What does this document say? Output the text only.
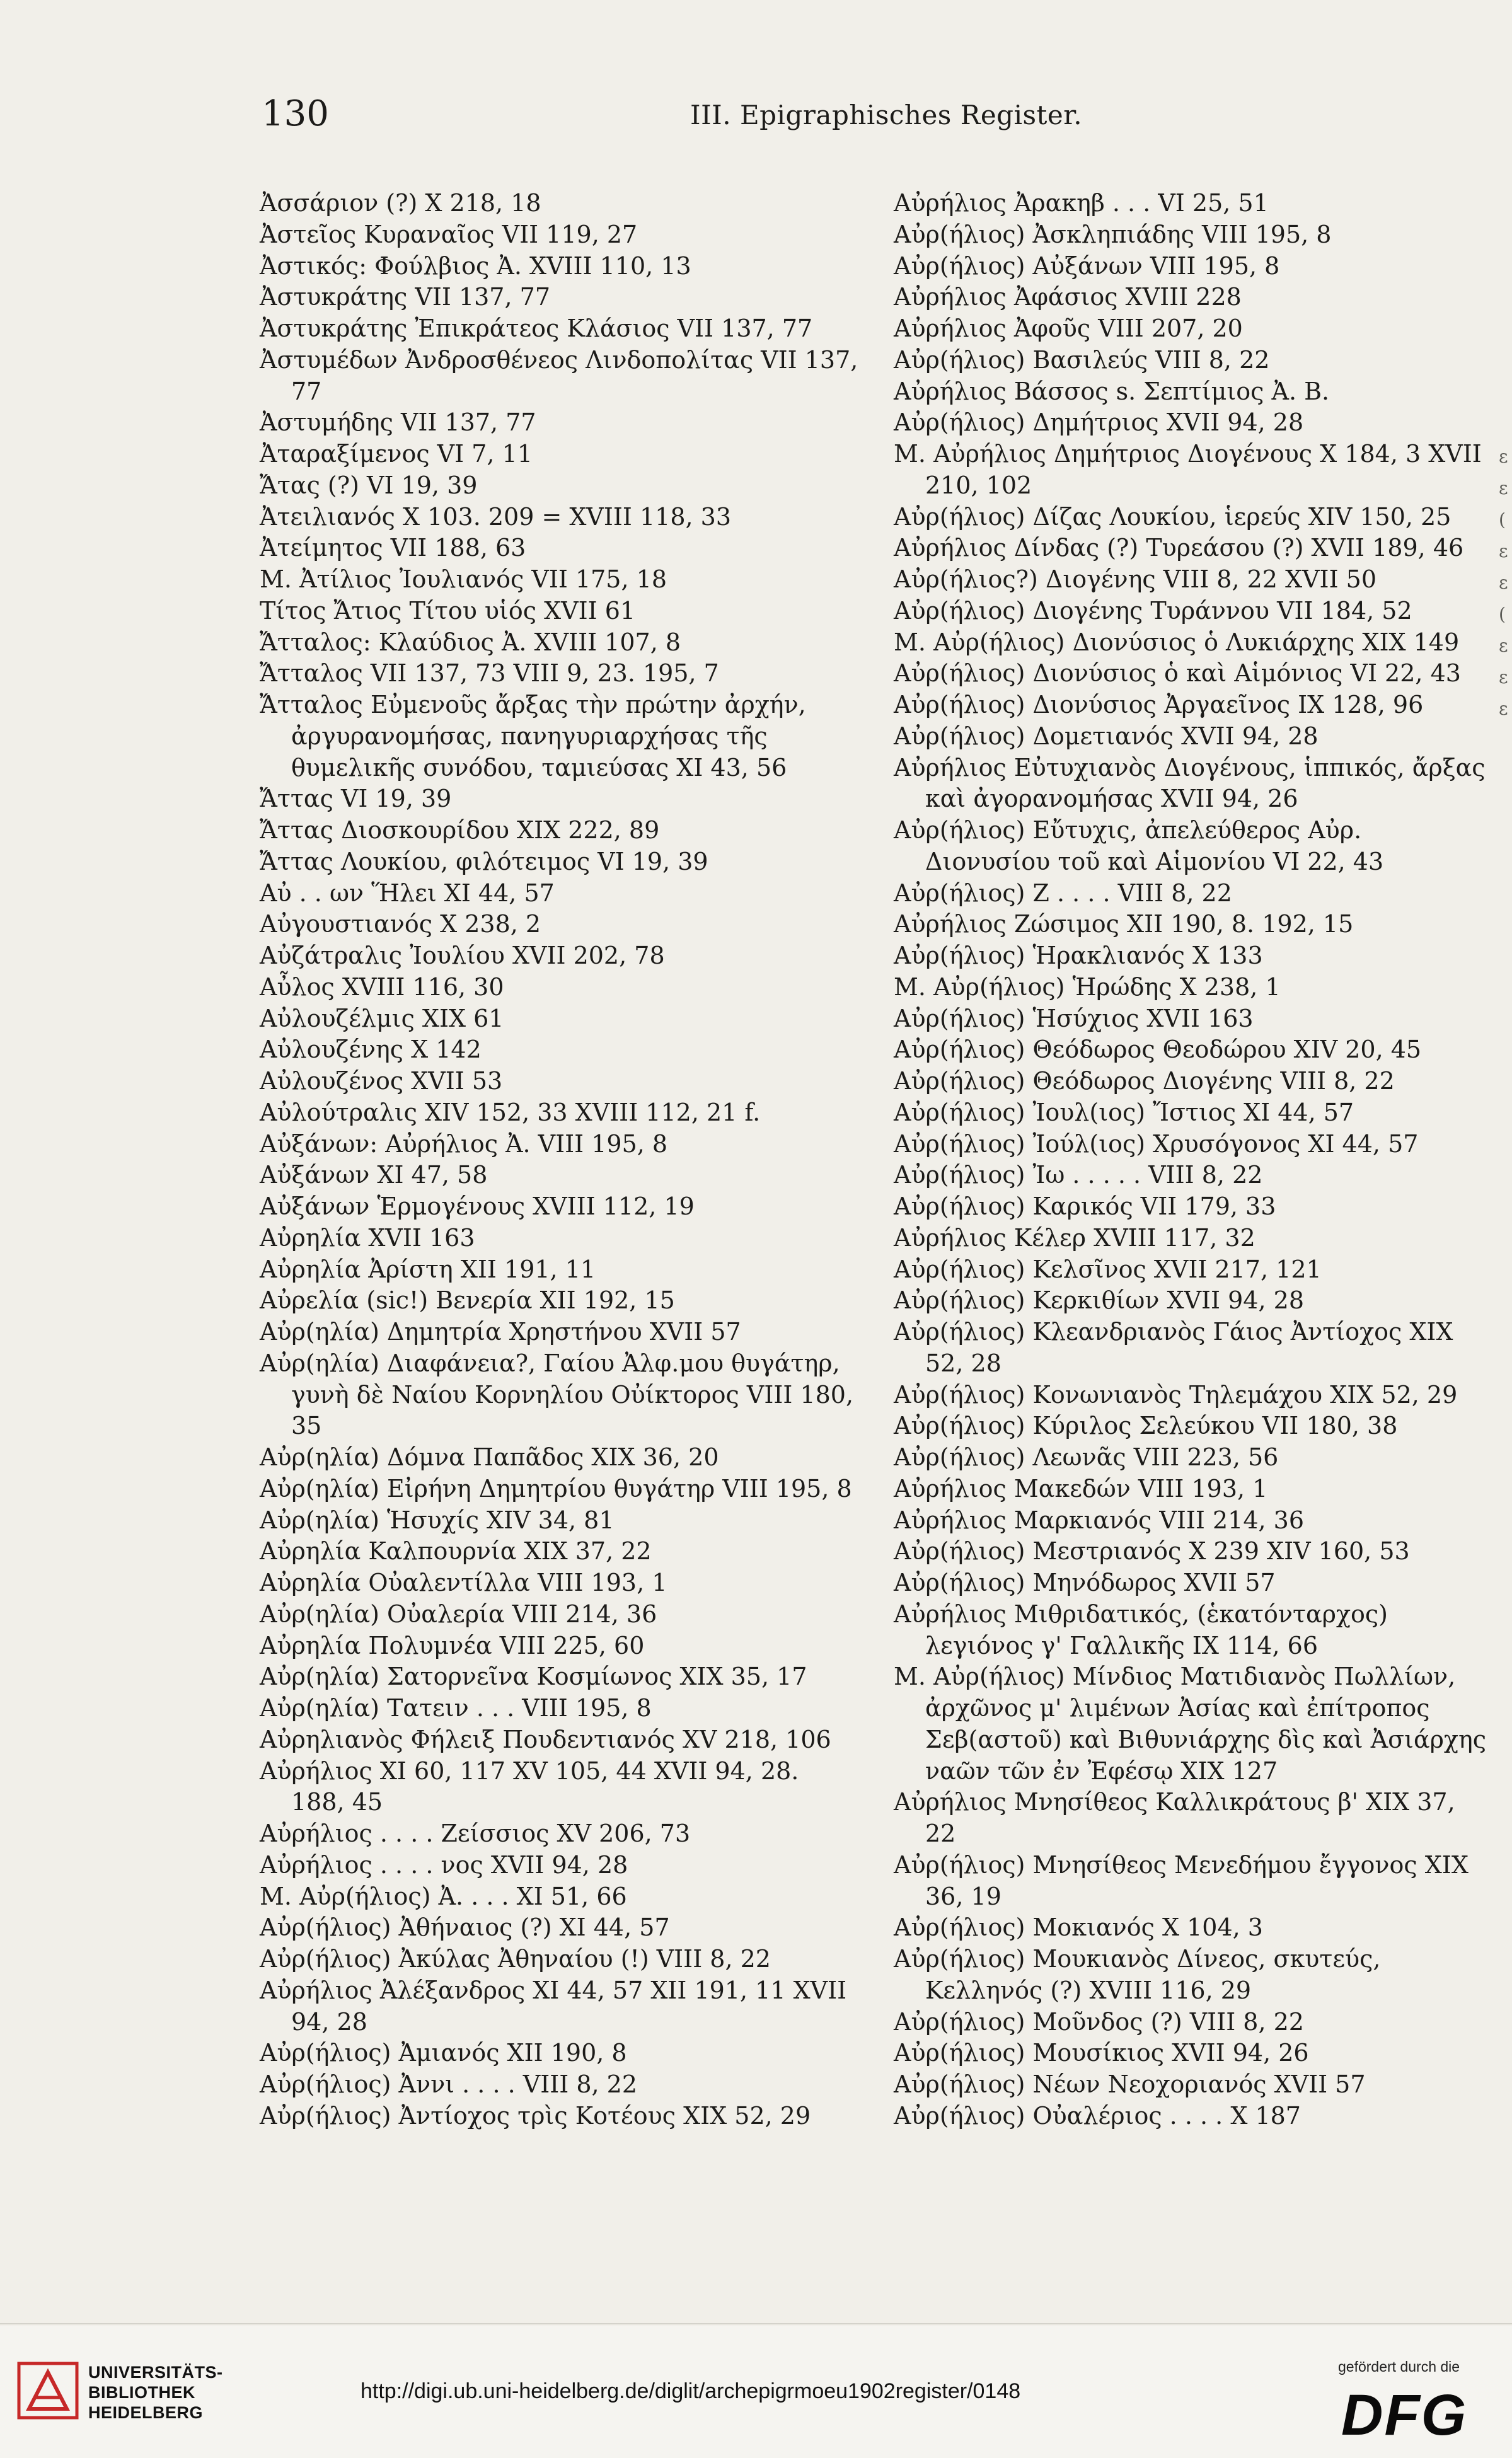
130	III. Epigraphisches Register.
Ἀσσάριον (?) X 218, 18
Ἀστεῖος Κυραναῖος VII 119, 27
Ἀστικός: Φούλβιος Ἀ. XVIII 110, 13
Ἀστυκράτης VII 137, 77
Ἀστυκράτης Ἐπικράτεος Κλάσιος VII 137, 77
Ἀστυμέδων Ἀνδροσθένεος Λινδοπολίτας VII 137, 77
Ἀστυμήδης VII 137, 77
Ἀταραξίμενος VI 7, 11
Ἄτας (?) VI 19, 39
Ἀτειλιανός X 103. 209 = XVIII 118, 33
Ἀτείμητος VII 188, 63
Μ. Ἀτίλιος Ἰουλιανός VII 175, 18
Τίτος Ἄτιος Τίτου υἱός XVII 61
Ἄτταλος: Κλαύδιος Ἀ. XVIII 107, 8
Ἄτταλος VII 137, 73 VIII 9, 23. 195, 7
Ἄτταλος Εὐμενοῦς ἄρξας τὴν πρώτην ἀρχήν, ἀργυρανομήσας, πανηγυριαρχήσας τῆς θυμελικῆς συνόδου, ταμιεύσας XI 43, 56
Ἄττας VI 19, 39
Ἄττας Διοσκουρίδου XIX 222, 89
Ἄττας Λουκίου, φιλότειμος VI 19, 39
Αὐ . . ων Ἥλει XI 44, 57
Αὐγουστιανός X 238, 2
Αὐζάτραλις Ἰουλίου XVII 202, 78
Αὖλος XVIII 116, 30
Αὐλουζέλμις XIX 61
Αὐλουζένης X 142
Αὐλουζένος XVII 53
Αὐλούτραλις XIV 152, 33 XVIII 112, 21 f.
Αὐξάνων: Αὐρήλιος Ἀ. VIII 195, 8
Αὐξάνων XI 47, 58
Αὐξάνων Ἑρμογένους XVIII 112, 19
Αὐρηλία XVII 163
Αὐρηλία Ἀρίστη XII 191, 11
Αὐρελία (sic!) Βενερία XII 192, 15
Αὐρ(ηλία) Δημητρία Χρηστήνου XVII 57
Αὐρ(ηλία) Διαφάνεια?, Γαίου Ἀλφ.μου θυγάτηρ, γυνὴ δὲ Ναίου Κορνηλίου Οὐίκτορος VIII 180, 35
Αὐρ(ηλία) Δόμνα Παπᾶδος XIX 36, 20
Αὐρ(ηλία) Εἰρήνη Δημητρίου θυγάτηρ VIII 195, 8
Αὐρ(ηλία) Ἡσυχίς XIV 34, 81
Αὐρηλία Καλπουρνία XIX 37, 22
Αὐρηλία Οὐαλεντίλλα VIII 193, 1
Αὐρ(ηλία) Οὐαλερία VIII 214, 36
Αὐρηλία Πολυμνέα VIII 225, 60
Αὐρ(ηλία) Σατορνεῖνα Κοσμίωνος XIX 35, 17
Αὐρ(ηλία) Τατειν . . . VIII 195, 8
Αὐρηλιανὸς Φήλειξ Πουδεντιανός XV 218, 106
Αὐρήλιος XI 60, 117 XV 105, 44 XVII 94, 28. 188, 45
Αὐρήλιος . . . . Ζείσσιος XV 206, 73
Αὐρήλιος . . . . νος XVII 94, 28
Μ. Αὐρ(ήλιος) Ἀ. . . . XI 51, 66
Αὐρ(ήλιος) Ἀθήναιος (?) XI 44, 57
Αὐρ(ήλιος) Ἀκύλας Ἀθηναίου (!) VIII 8, 22
Αὐρήλιος Ἀλέξανδρος XI 44, 57 XII 191, 11 XVII 94, 28
Αὐρ(ήλιος) Ἀμιανός XII 190, 8
Αὐρ(ήλιος) Ἀννι . . . . VIII 8, 22
Αὐρ(ήλιος) Ἀντίοχος τρὶς Κοτέους XIX 52, 29
Αὐρήλιος Ἀρακηβ . . . VI 25, 51
Αὐρ(ήλιος) Ἀσκληπιάδης VIII 195, 8
Αὐρ(ήλιος) Αὐξάνων VIII 195, 8
Αὐρήλιος Ἀφάσιος XVIII 228
Αὐρήλιος Ἀφοῦς VIII 207, 20
Αὐρ(ήλιος) Βασιλεύς VIII 8, 22
Αὐρήλιος Βάσσος s. Σεπτίμιος Ἀ. Β.
Αὐρ(ήλιος) Δημήτριος XVII 94, 28
Μ. Αὐρήλιος Δημήτριος Διογένους X 184, 3 XVII 210, 102
Αὐρ(ήλιος) Δίζας Λουκίου, ἱερεύς XIV 150, 25
Αὐρήλιος Δίνδας (?) Τυρεάσου (?) XVII 189, 46
Αὐρ(ήλιος?) Διογένης VIII 8, 22 XVII 50
Αὐρ(ήλιος) Διογένης Τυράννου VII 184, 52
Μ. Αὐρ(ήλιος) Διονύσιος ὁ Λυκιάρχης XIX 149
Αὐρ(ήλιος) Διονύσιος ὁ καὶ Αἱμόνιος VI 22, 43
Αὐρ(ήλιος) Διονύσιος Ἀργαεῖνος IX 128, 96
Αὐρ(ήλιος) Δομετιανός XVII 94, 28
Αὐρήλιος Εὐτυχιανὸς Διογένους, ἱππικός, ἄρξας καὶ ἀγορανομήσας XVII 94, 26
Αὐρ(ήλιος) Εὔτυχις, ἀπελεύθερος Αὐρ. Διονυσίου τοῦ καὶ Αἱμονίου VI 22, 43
Αὐρ(ήλιος) Ζ . . . . VIII 8, 22
Αὐρήλιος Ζώσιμος XII 190, 8. 192, 15
Αὐρ(ήλιος) Ἡρακλιανός X 133
Μ. Αὐρ(ήλιος) Ἡρώδης X 238, 1
Αὐρ(ήλιος) Ἡσύχιος XVII 163
Αὐρ(ήλιος) Θεόδωρος Θεοδώρου XIV 20, 45
Αὐρ(ήλιος) Θεόδωρος Διογένης VIII 8, 22
Αὐρ(ήλιος) Ἰουλ(ιος) Ἴστιος XI 44, 57
Αὐρ(ήλιος) Ἰούλ(ιος) Χρυσόγονος XI 44, 57
Αὐρ(ήλιος) Ἰω . . . . . VIII 8, 22
Αὐρ(ήλιος) Καρικός VII 179, 33
Αὐρήλιος Κέλερ XVIII 117, 32
Αὐρ(ήλιος) Κελσῖνος XVII 217, 121
Αὐρ(ήλιος) Κερκιθίων XVII 94, 28
Αὐρ(ήλιος) Κλεανδριανὸς Γάιος Ἀντίοχος XIX 52, 28
Αὐρ(ήλιος) Κονωνιανὸς Τηλεμάχου XIX 52, 29
Αὐρ(ήλιος) Κύριλος Σελεύκου VII 180, 38
Αὐρ(ήλιος) Λεωνᾶς VIII 223, 56
Αὐρήλιος Μακεδών VIII 193, 1
Αὐρήλιος Μαρκιανός VIII 214, 36
Αὐρ(ήλιος) Μεστριανός X 239 XIV 160, 53
Αὐρ(ήλιος) Μηνόδωρος XVII 57
Αὐρήλιος Μιθριδατικός, (ἑκατόνταρχος) λεγιόνος γ' Γαλλικῆς IX 114, 66
Μ. Αὐρ(ήλιος) Μίνδιος Ματιδιανὸς Πωλλίων, ἀρχῶνος μ' λιμένων Ἀσίας καὶ ἐπίτροπος Σεβ(αστοῦ) καὶ Βιθυνιάρχης δὶς καὶ Ἀσιάρχης ναῶν τῶν ἐν Ἐφέσῳ XIX 127
Αὐρήλιος Μνησίθεος Καλλικράτους β' XIX 37, 22
Αὐρ(ήλιος) Μνησίθεος Μενεδήμου ἔγγονος XIX 36, 19
Αὐρ(ήλιος) Μοκιανός X 104, 3
Αὐρ(ήλιος) Μουκιανὸς Δίνεος, σκυτεύς, Κελληνός (?) XVIII 116, 29
Αὐρ(ήλιος) Μοῦνδος (?) VIII 8, 22
Αὐρ(ήλιος) Μουσίκιος XVII 94, 26
Αὐρ(ήλιος) Νέων Νεοχοριανός XVII 57
Αὐρ(ήλιος) Οὐαλέριος . . . . X 187
ε
ε
(
ε
ε
(
ε
ε
ε
UNIVERSITÄTS-
BIBLIOTHEK
HEIDELBERG
http://digi.ub.uni-heidelberg.de/diglit/archepigrmoeu1902register/0148
gefördert durch die
DFG
